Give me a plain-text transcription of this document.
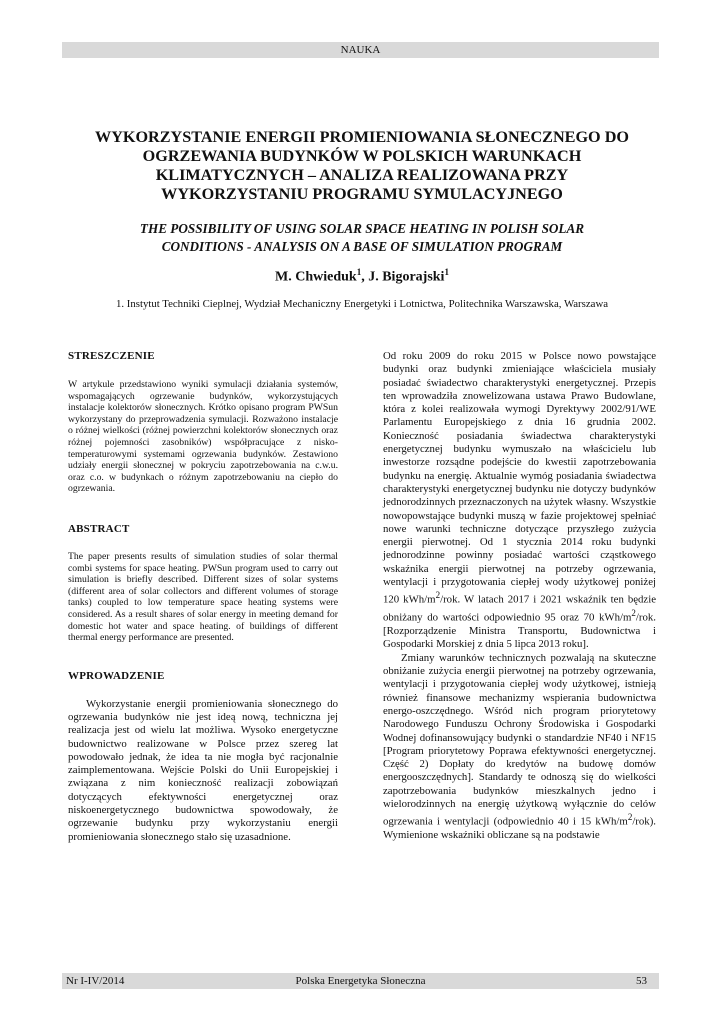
NAUKA
WYKORZYSTANIE ENERGII PROMIENIOWANIA SŁONECZNEGO DO
OGRZEWANIA BUDYNKÓW W POLSKICH WARUNKACH
KLIMATYCZNYCH – ANALIZA REALIZOWANA PRZY
WYKORZYSTANIU PROGRAMU SYMULACYJNEGO
THE POSSIBILITY OF USING SOLAR SPACE HEATING IN POLISH SOLAR
CONDITIONS - ANALYSIS ON A BASE OF SIMULATION PROGRAM
M. Chwieduk$^1$, J. Bigorajski$^1$
1. Instytut Techniki Cieplnej, Wydział Mechaniczny Energetyki i Lotnictwa, Politechnika Warszawska, Warszawa
STRESZCZENIE

W artykule przedstawiono wyniki symulacji działania systemów, wspomagających ogrzewanie budynków, wykorzystujących instalacje kolektorów słonecznych. Krótko opisano program PWSun wykorzystany do przeprowadzenia symulacji. Rozważono instalacje o różnej wielkości (różnej powierzchni kolektorów słonecznych oraz różnej pojemności zasobników) współpracujące z nisko-temperaturowymi systemami ogrzewania budynków. Zestawiono udziały energii słonecznej w pokryciu zapotrzebowania na c.w.u. oraz c.o. w budynkach o różnym zapotrzebowaniu na ciepło do ogrzewania.

ABSTRACT

The paper presents results of simulation studies of solar thermal combi systems for space heating. PWSun program used to carry out simulation is briefly described. Different sizes of solar systems (different area of solar collectors and different volumes of storage tanks) coupled to low temperature space heating systems were considered. As a result shares of solar energy in meeting demand for domestic hot water and space heating. of buildings of different thermal energy performance are presented.

WPROWADZENIE

Wykorzystanie energii promieniowania słonecznego do ogrzewania budynków nie jest ideą nową, techniczna jej realizacja jest od wielu lat możliwa. Wysoko energetyczne budownictwo realizowane w Polsce przez szereg lat powodowało jednak, że idea ta nie mogła być racjonalnie zaimplementowana. Wejście Polski do Unii Europejskiej i związana z nim konieczność realizacji zobowiązań dotyczących efektywności energetycznej oraz niskoenergetycznego budownictwa spowodowały, że ogrzewanie budynku przy wykorzystaniu energii promieniowania słonecznego stało się uzasadnione.

Od roku 2009 do roku 2015 w Polsce nowo powstające budynki oraz budynki zmieniające właściciela musiały posiadać świadectwo charakterystyki energetycznej. Przepis ten wprowadziła znowelizowana ustawa Prawo Budowlane, która z kolei realizowała wymogi Dyrektywy 2002/91/WE Parlamentu Europejskiego z dnia 16 grudnia 2002. Konieczność posiadania świadectwa charakterystyki energetycznej budynku wymuszało na właścicielu lub inwestorze rozsądne podejście do kwestii zapotrzebowania budynku na energię. Aktualnie wymóg posiadania świadectwa charakterystyki energetycznej budynku nie dotyczy budynków jednorodzinnych przeznaczonych na użytek własny. Wszystkie nowopowstające budynki muszą w fazie projektowej spełniać nowe warunki techniczne dotyczące przyszłego zużycia energii pierwotnej. Od 1 stycznia 2014 roku budynki jednorodzinne powinny posiadać wartości cząstkowego wskaźnika energii pierwotnej na potrzeby ogrzewania, wentylacji i przygotowania ciepłej wody użytkowej poniżej 120 kWh/$m^2$/rok. W latach 2017 i 2021 wskaźnik ten będzie obniżany do wartości odpowiednio 95 oraz 70 kWh/$m^2$/rok. [Rozporządzenie Ministra Transportu, Budownictwa i Gospodarki Morskiej z dnia 5 lipca 2013 roku].

Zmiany warunków technicznych pozwalają na skuteczne obniżanie zużycia energii pierwotnej na potrzeby ogrzewania, wentylacji i przygotowania ciepłej wody użytkowej, istnieją również finansowe mechanizmy wspierania budownictwa energo-oszczędnego. Wśród nich program priorytetowy Narodowego Funduszu Ochrony Środowiska i Gospodarki Wodnej dofinansowujący budynki o standardzie NF40 i NF15 [Program priorytetowy Poprawa efektywności energetycznej. Część 2) Dopłaty do kredytów na budowę domów energooszczędnych]. Standardy te odnoszą się do wielkości zapotrzebowania budynków mieszkalnych jedno i wielorodzinnych na energię użytkową wyłącznie do celów ogrzewania i wentylacji (odpowiednio 40 i 15 kWh/$m^2/rok$). Wymienione wskaźniki obliczane są na podstawie

Polska Energetyka Słoneczna
Nr I-IV/2014	53
